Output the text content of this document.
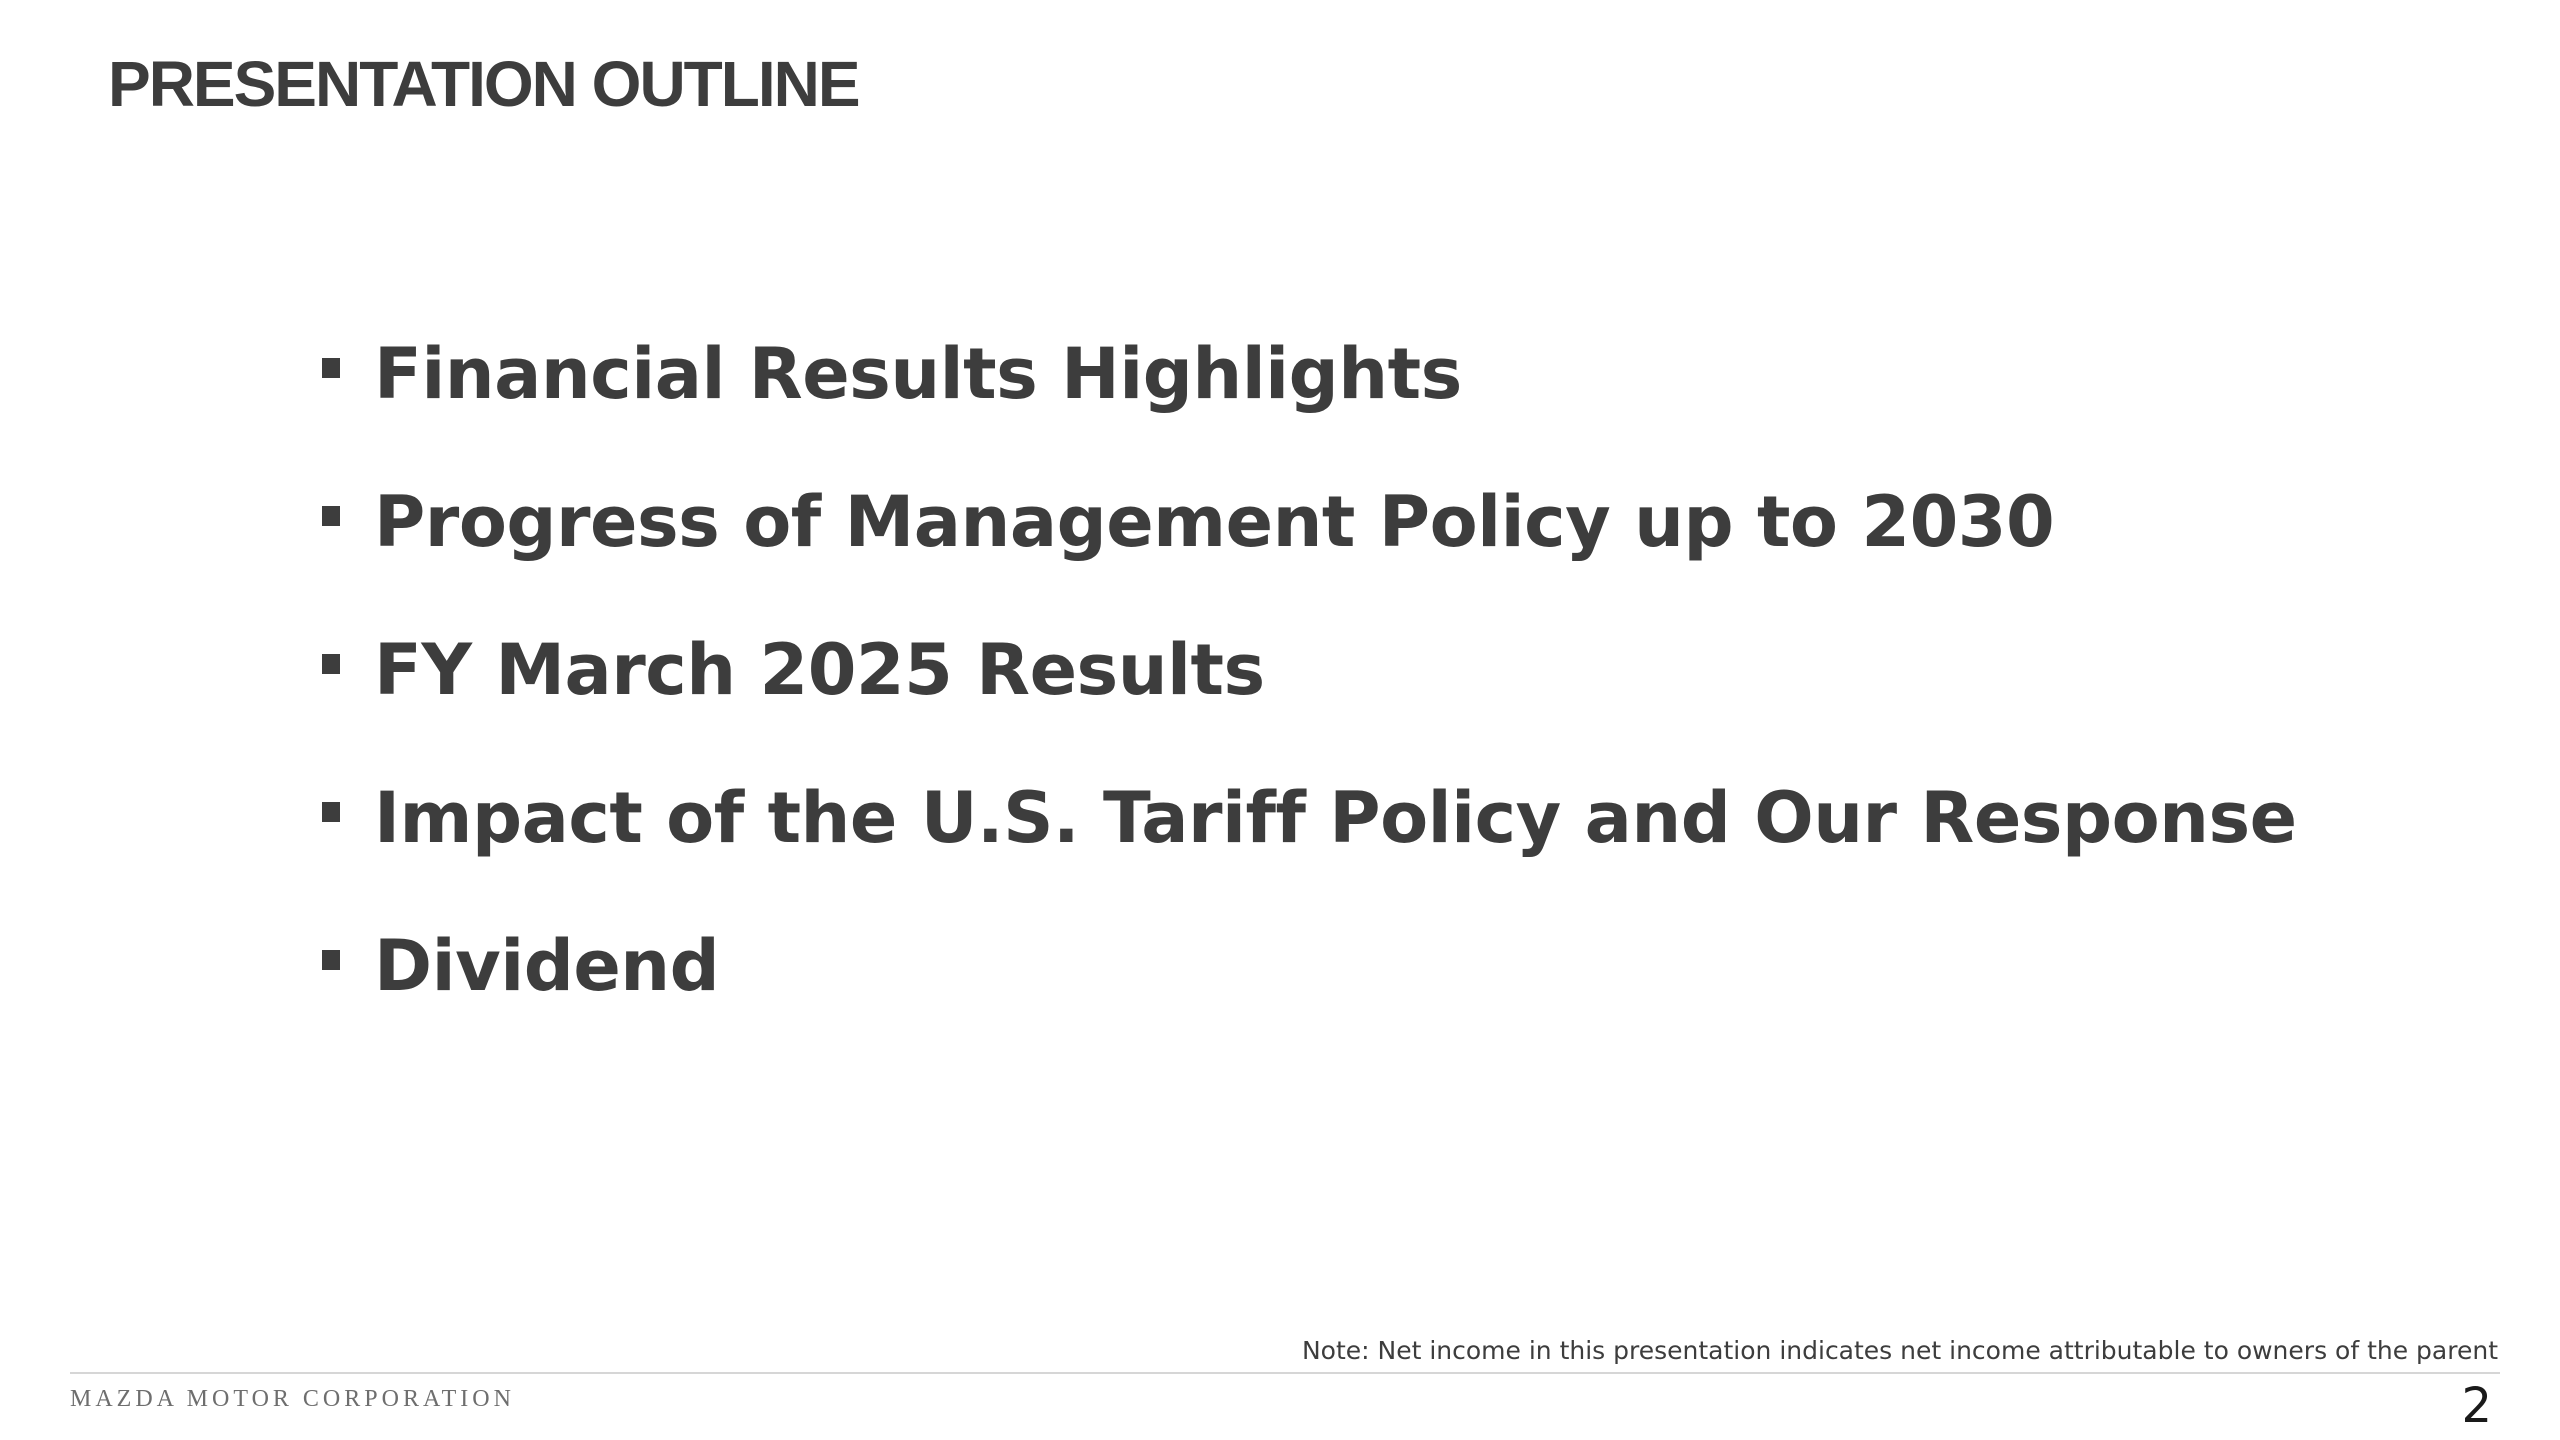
PRESENTATION OUTLINE
Financial Results Highlights
Progress of Management Policy up to 2030
FY March 2025 Results
Impact of the U.S. Tariff Policy and Our Response
Dividend
Note: Net income in this presentation indicates net income attributable to owners of the parent
MAZDA MOTOR CORPORATION	2
